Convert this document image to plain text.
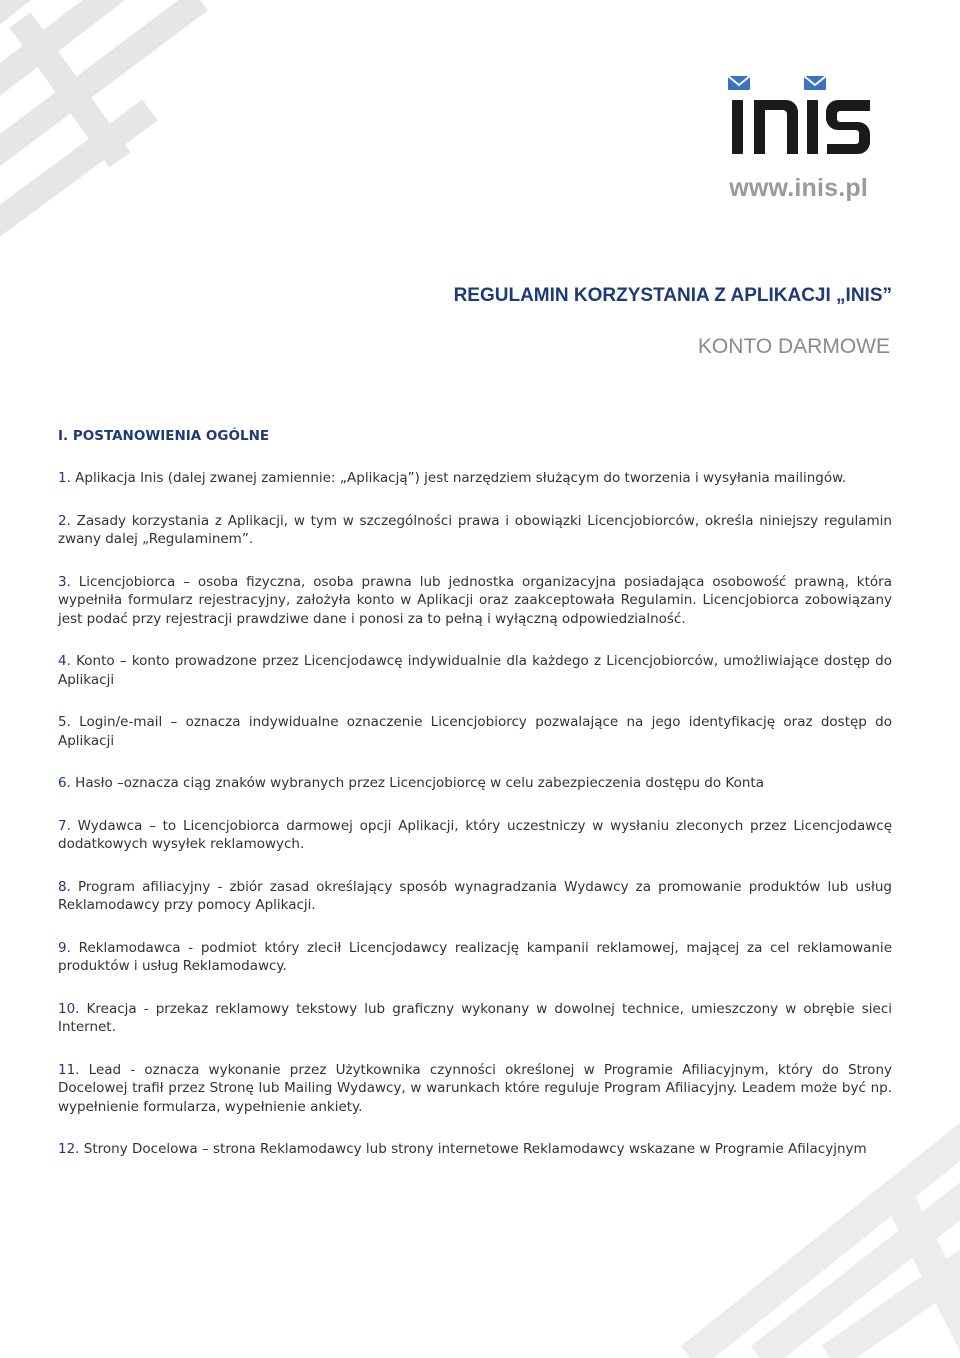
www.inis.pl
REGULAMIN KORZYSTANIA Z APLIKACJI „INIS”
KONTO DARMOWE
I. POSTANOWIENIA OGÓLNE

1. Aplikacja Inis (dalej zwanej zamiennie: „Aplikacją”) jest narzędziem służącym do tworzenia i wysyłania mailingów.

2. Zasady korzystania z Aplikacji, w tym w szczególności prawa i obowiązki Licencjobiorców, określa niniejszy regulamin zwany dalej „Regulaminem”.

3. Licencjobiorca – osoba fizyczna, osoba prawna lub jednostka organizacyjna posiadająca osobowość prawną, która wypełniła formularz rejestracyjny, założyła konto w Aplikacji oraz zaakceptowała Regulamin. Licencjobiorca zobowiązany jest podać przy rejestracji prawdziwe dane i ponosi za to pełną i wyłączną odpowiedzialność.

4. Konto – konto prowadzone przez Licencjodawcę indywidualnie dla każdego z Licencjobiorców, umożliwiające dostęp do Aplikacji

5. Login/e-mail – oznacza indywidualne oznaczenie Licencjobiorcy pozwalające na jego identyfikację oraz dostęp do Aplikacji

6. Hasło –oznacza ciąg znaków wybranych przez Licencjobiorcę w celu zabezpieczenia dostępu do Konta

7. Wydawca – to Licencjobiorca darmowej opcji Aplikacji, który uczestniczy w wysłaniu zleconych przez Licencjodawcę dodatkowych wysyłek reklamowych.

8. Program afiliacyjny - zbiór zasad określający sposób wynagradzania Wydawcy za promowanie produktów lub usług Reklamodawcy przy pomocy Aplikacji.

9. Reklamodawca - podmiot który zlecił Licencjodawcy realizację kampanii reklamowej, mającej za cel reklamowanie produktów i usług Reklamodawcy.

10. Kreacja - przekaz reklamowy tekstowy lub graficzny wykonany w dowolnej technice, umieszczony w obrębie sieci Internet.

11. Lead - oznacza wykonanie przez Użytkownika czynności określonej w Programie Afiliacyjnym, który do Strony Docelowej trafił przez Stronę lub Mailing Wydawcy, w warunkach które reguluje Program Afiliacyjny. Leadem może być np. wypełnienie formularza, wypełnienie ankiety.

12. Strony Docelowa – strona Reklamodawcy lub strony internetowe Reklamodawcy wskazane w Programie Afilacyjnym
